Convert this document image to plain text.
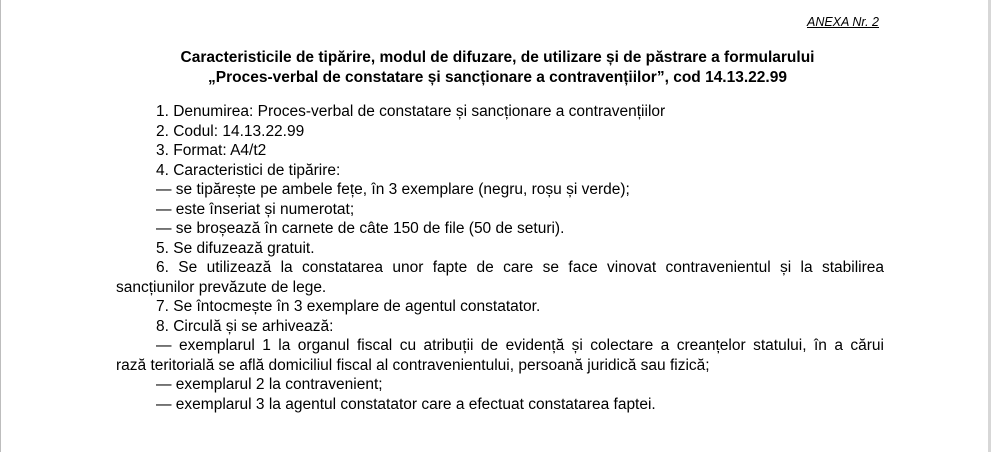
ANEXA Nr. 2
Caracteristicile de tipărire, modul de difuzare, de utilizare și de păstrare a formularului
„Proces-verbal de constatare și sancționare a contravențiilor”, cod 14.13.22.99
1. Denumirea: Proces-verbal de constatare și sancționare a contravențiilor
2. Codul: 14.13.22.99
3. Format: A4/t2
4. Caracteristici de tipărire:
— se tipărește pe ambele fețe, în 3 exemplare (negru, roșu și verde);
— este înseriat și numerotat;
— se broșează în carnete de câte 150 de file (50 de seturi).
5. Se difuzează gratuit.
6. Se utilizează la constatarea unor fapte de care se face vinovat contravenientul și la stabilirea
sancțiunilor prevăzute de lege.
7. Se întocmește în 3 exemplare de agentul constatator.
8. Circulă și se arhivează:
— exemplarul 1 la organul fiscal cu atribuții de evidență și colectare a creanțelor statului, în a cărui
rază teritorială se află domiciliul fiscal al contravenientului, persoană juridică sau fizică;
— exemplarul 2 la contravenient;
— exemplarul 3 la agentul constatator care a efectuat constatarea faptei.
